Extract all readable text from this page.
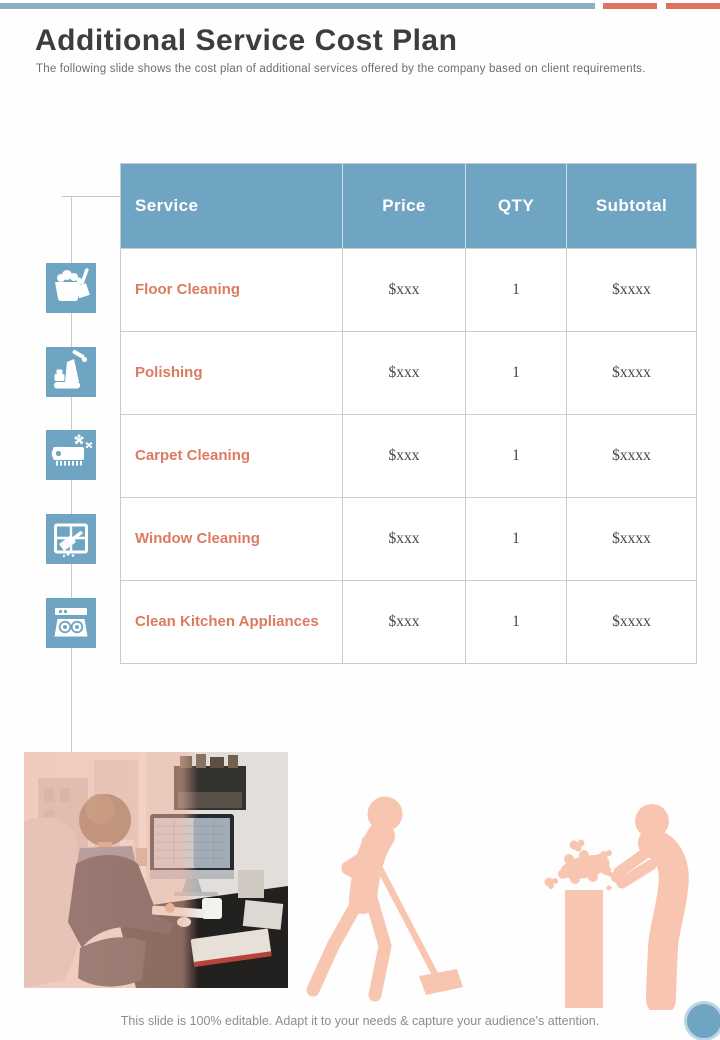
Additional Service Cost Plan
The following slide shows the cost plan of additional services offered by the company based on client requirements.
Service	Price	QTY	Subtotal
Floor Cleaning	$xxx	1	$xxxx
Polishing	$xxx	1	$xxxx
Carpet Cleaning	$xxx	1	$xxxx
Window Cleaning	$xxx	1	$xxxx
Clean Kitchen Appliances	$xxx	1	$xxxx
This slide is 100% editable. Adapt it to your needs & capture your audience's attention.
